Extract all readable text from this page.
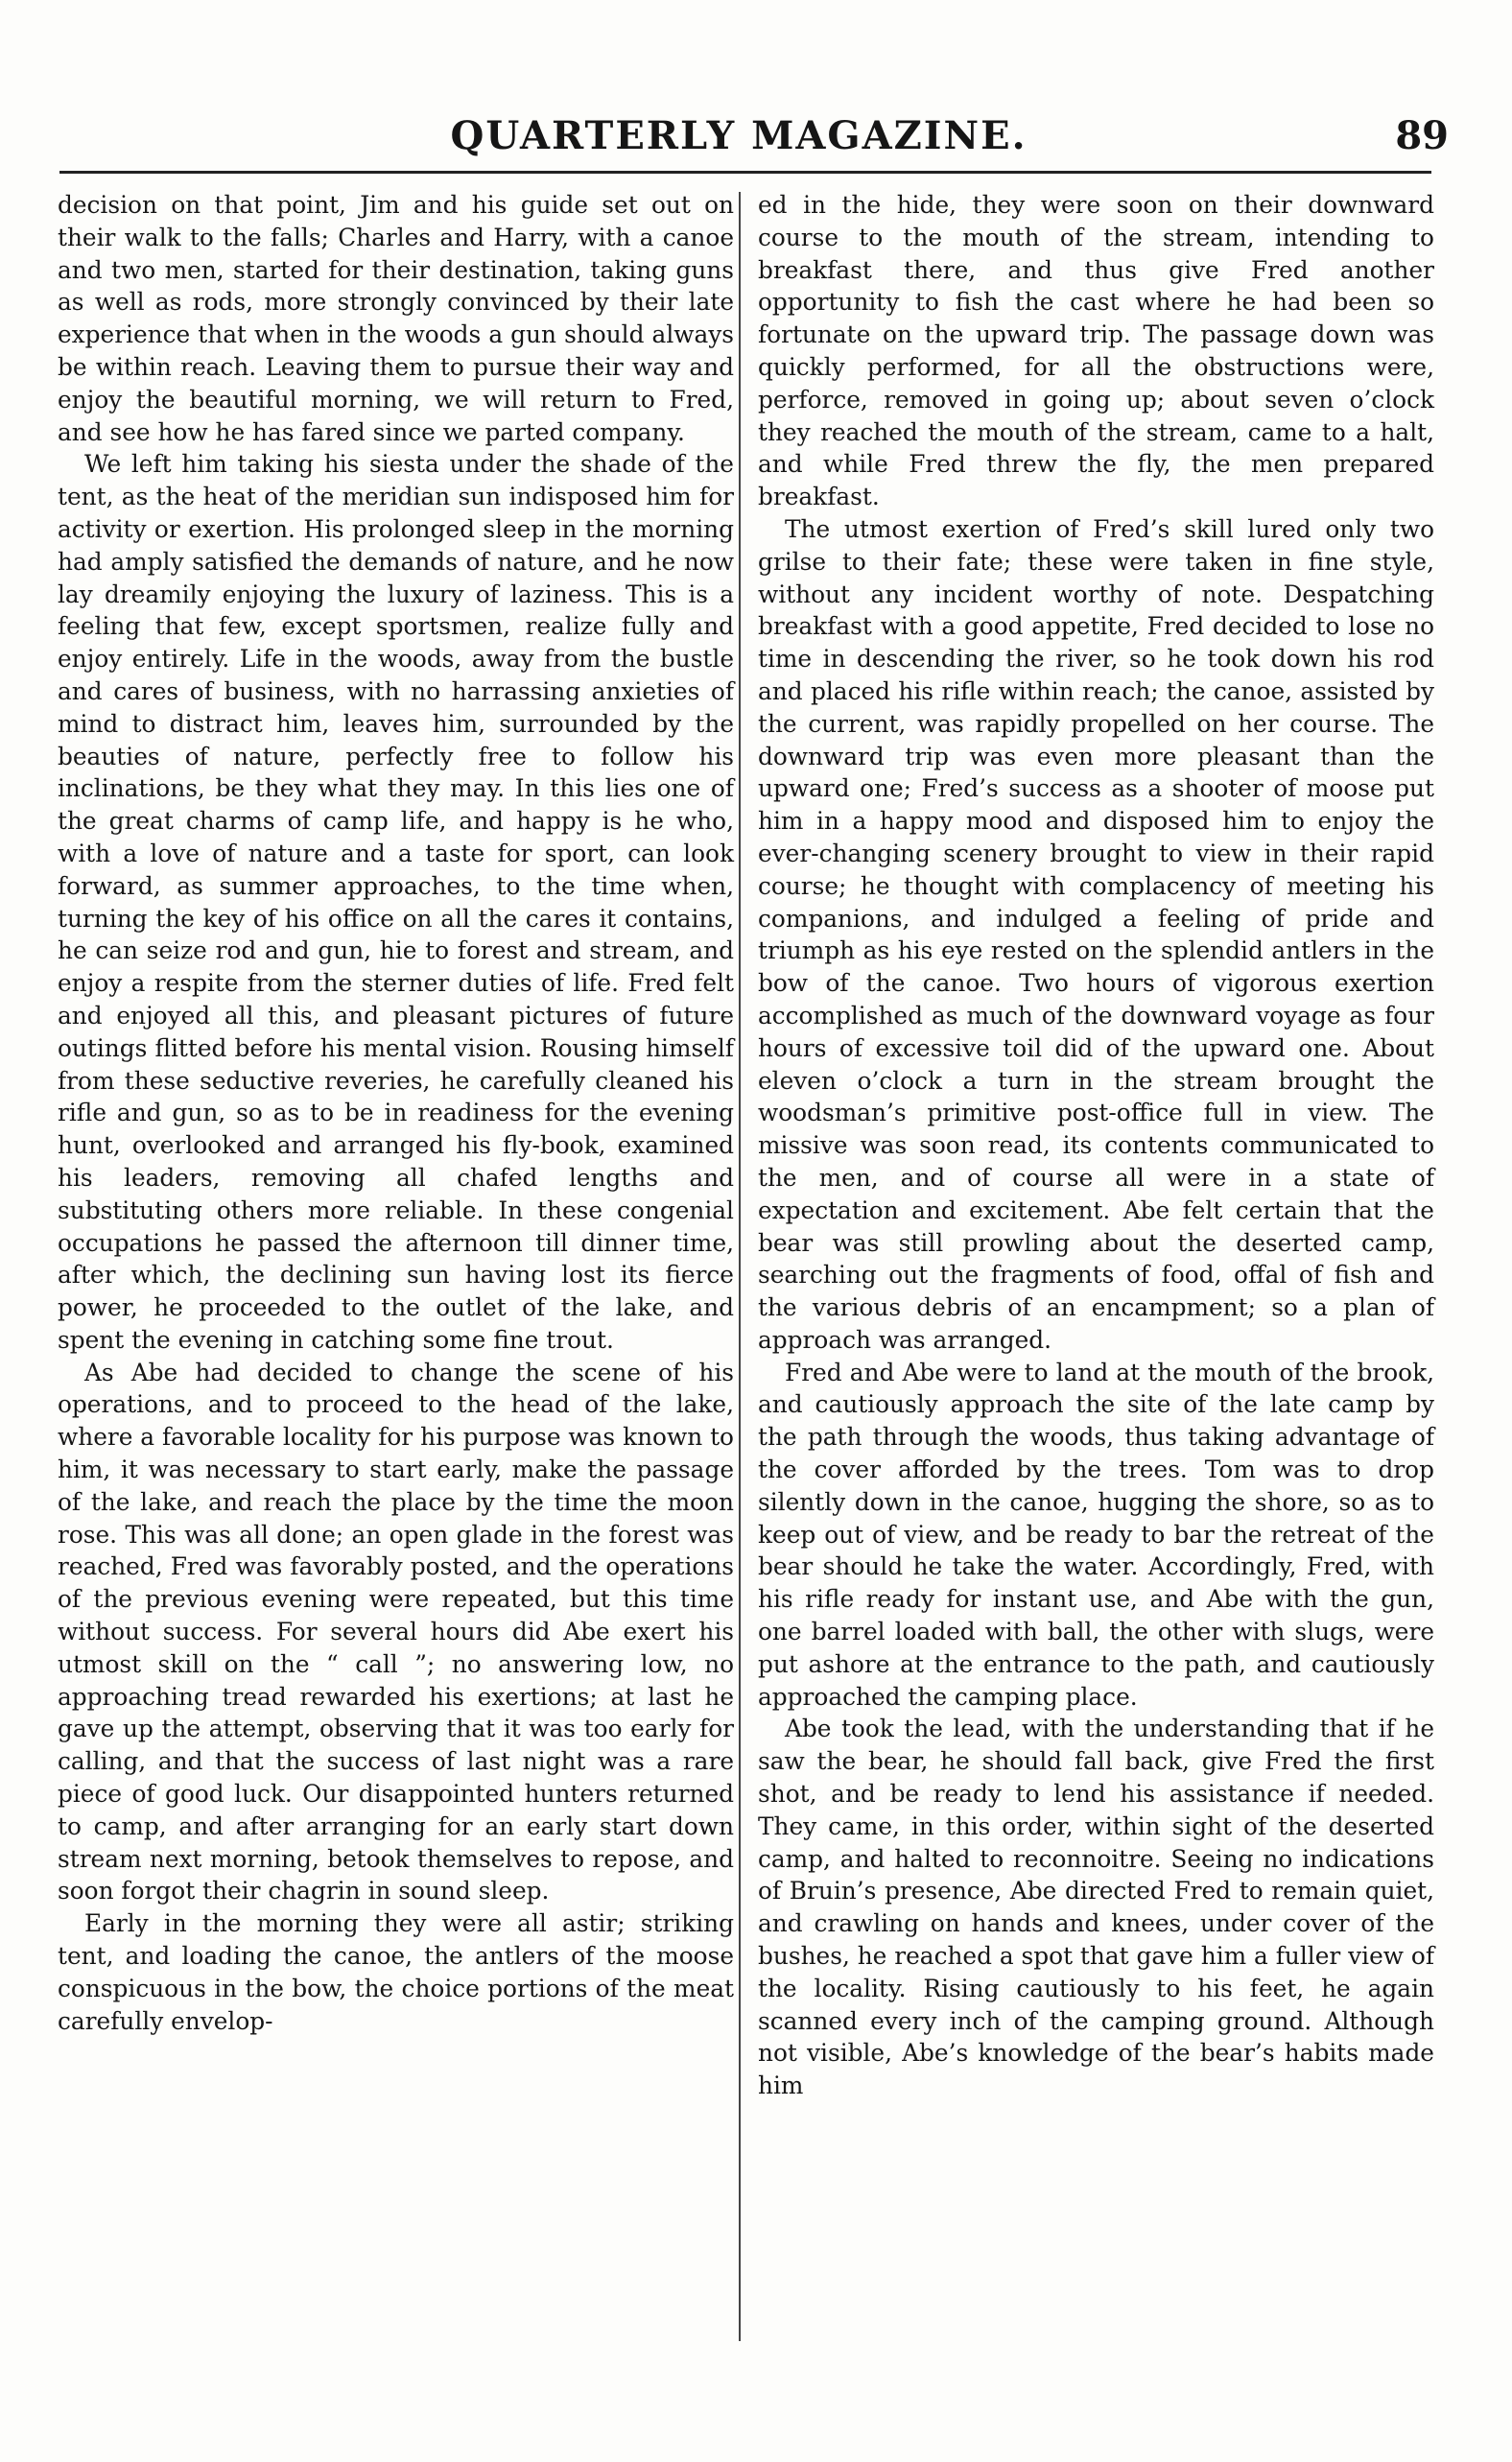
QUARTERLY MAGAZINE.	89

decision on that point, Jim and his guide set out on their walk to the falls; Charles and Harry, with a canoe and two men, started for their destination, taking guns as well as rods, more strongly convinced by their late experience that when in the woods a gun should always be within reach. Leaving them to pursue their way and enjoy the beautiful morning, we will return to Fred, and see how he has fared since we parted company.

We left him taking his siesta under the shade of the tent, as the heat of the meridian sun indisposed him for activity or exertion. His prolonged sleep in the morning had amply satisfied the demands of nature, and he now lay dreamily enjoying the luxury of laziness. This is a feeling that few, except sportsmen, realize fully and enjoy entirely. Life in the woods, away from the bustle and cares of business, with no harrassing anxieties of mind to distract him, leaves him, surrounded by the beauties of nature, perfectly free to follow his inclinations, be they what they may. In this lies one of the great charms of camp life, and happy is he who, with a love of nature and a taste for sport, can look forward, as summer approaches, to the time when, turning the key of his office on all the cares it contains, he can seize rod and gun, hie to forest and stream, and enjoy a respite from the sterner duties of life. Fred felt and enjoyed all this, and pleasant pictures of future outings flitted before his mental vision. Rousing himself from these seductive reveries, he carefully cleaned his rifle and gun, so as to be in readiness for the evening hunt, overlooked and arranged his fly-book, examined his leaders, removing all chafed lengths and substituting others more reliable. In these congenial occupations he passed the afternoon till dinner time, after which, the declining sun having lost its fierce power, he proceeded to the outlet of the lake, and spent the evening in catching some fine trout.

As Abe had decided to change the scene of his operations, and to proceed to the head of the lake, where a favorable locality for his purpose was known to him, it was necessary to start early, make the passage of the lake, and reach the place by the time the moon rose. This was all done; an open glade in the forest was reached, Fred was favorably posted, and the operations of the previous evening were repeated, but this time without success. For several hours did Abe exert his utmost skill on the “ call ”; no answering low, no approaching tread rewarded his exertions; at last he gave up the attempt, observing that it was too early for calling, and that the success of last night was a rare piece of good luck. Our disappointed hunters returned to camp, and after arranging for an early start down stream next morning, betook themselves to repose, and soon forgot their chagrin in sound sleep.

Early in the morning they were all astir; striking tent, and loading the canoe, the antlers of the moose conspicuous in the bow, the choice portions of the meat carefully envelop-

ed in the hide, they were soon on their downward course to the mouth of the stream, intending to breakfast there, and thus give Fred another opportunity to fish the cast where he had been so fortunate on the upward trip. The passage down was quickly performed, for all the obstructions were, perforce, removed in going up; about seven o’clock they reached the mouth of the stream, came to a halt, and while Fred threw the fly, the men prepared breakfast.

The utmost exertion of Fred’s skill lured only two grilse to their fate; these were taken in fine style, without any incident worthy of note. Despatching breakfast with a good appetite, Fred decided to lose no time in descending the river, so he took down his rod and placed his rifle within reach; the canoe, assisted by the current, was rapidly propelled on her course. The downward trip was even more pleasant than the upward one; Fred’s success as a shooter of moose put him in a happy mood and disposed him to enjoy the ever-changing scenery brought to view in their rapid course; he thought with complacency of meeting his companions, and indulged a feeling of pride and triumph as his eye rested on the splendid antlers in the bow of the canoe. Two hours of vigorous exertion accomplished as much of the downward voyage as four hours of excessive toil did of the upward one. About eleven o’clock a turn in the stream brought the woodsman’s primitive post-office full in view. The missive was soon read, its contents communicated to the men, and of course all were in a state of expectation and excitement. Abe felt certain that the bear was still prowling about the deserted camp, searching out the fragments of food, offal of fish and the various debris of an encampment; so a plan of approach was arranged.

Fred and Abe were to land at the mouth of the brook, and cautiously approach the site of the late camp by the path through the woods, thus taking advantage of the cover afforded by the trees. Tom was to drop silently down in the canoe, hugging the shore, so as to keep out of view, and be ready to bar the retreat of the bear should he take the water. Accordingly, Fred, with his rifle ready for instant use, and Abe with the gun, one barrel loaded with ball, the other with slugs, were put ashore at the entrance to the path, and cautiously approached the camping place.

Abe took the lead, with the understanding that if he saw the bear, he should fall back, give Fred the first shot, and be ready to lend his assistance if needed. They came, in this order, within sight of the deserted camp, and halted to reconnoitre. Seeing no indications of Bruin’s presence, Abe directed Fred to remain quiet, and crawling on hands and knees, under cover of the bushes, he reached a spot that gave him a fuller view of the locality. Rising cautiously to his feet, he again scanned every inch of the camping ground. Although not visible, Abe’s knowledge of the bear’s habits made him
